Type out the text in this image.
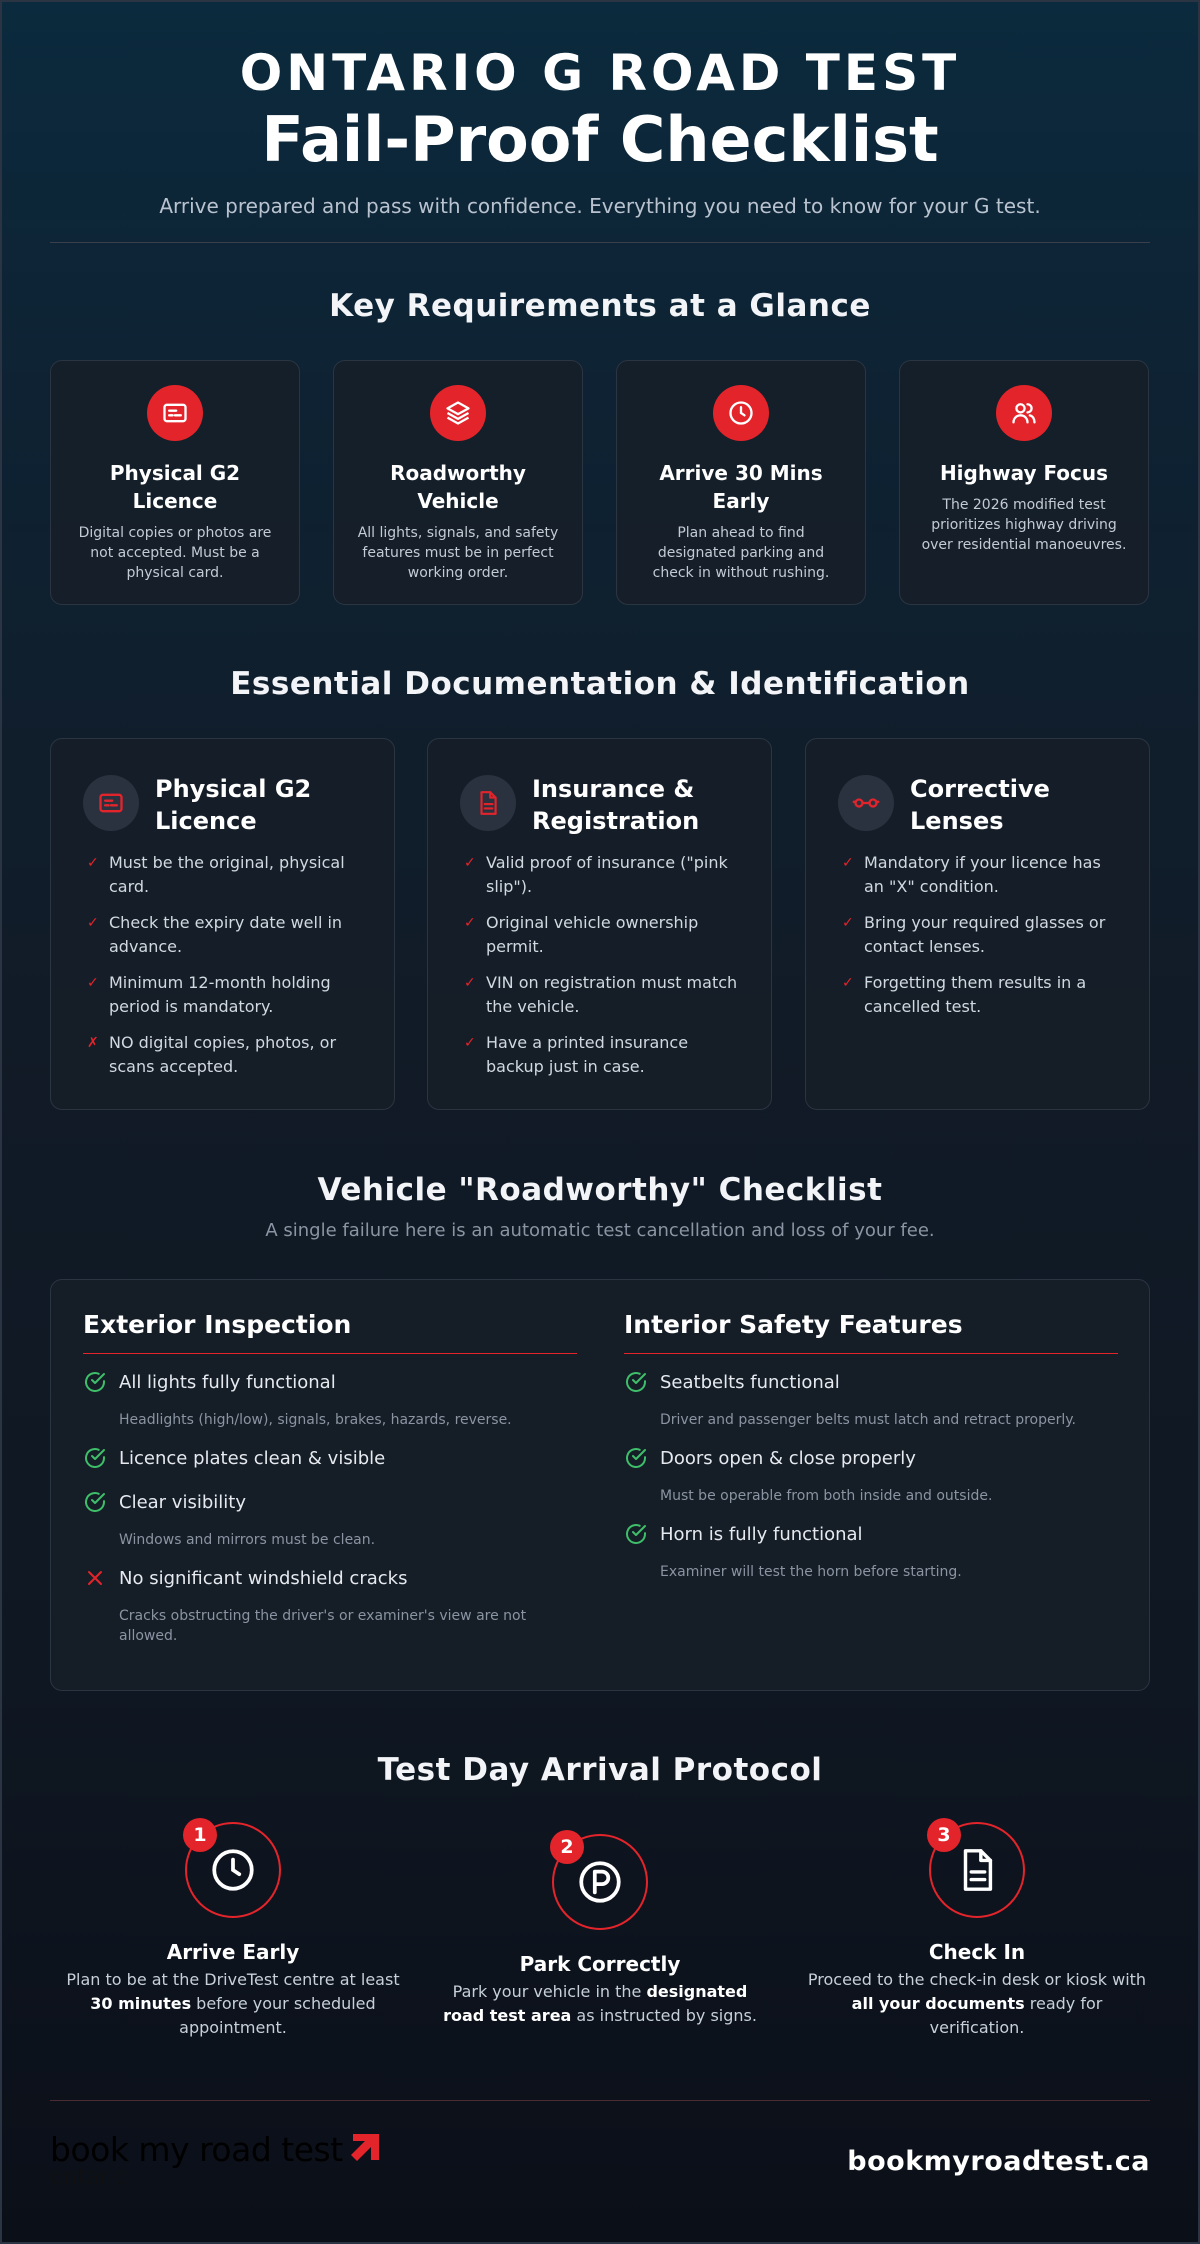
ONTARIO G ROAD TEST
Fail-Proof Checklist
Arrive prepared and pass with confidence. Everything you need to know for your G test.
Key Requirements at a Glance
Physical G2 Licence
Digital copies or photos are not accepted. Must be a physical card.
Roadworthy Vehicle
All lights, signals, and safety features must be in perfect working order.
Arrive 30 Mins Early
Plan ahead to find designated parking and check in without rushing.
Highway Focus
The 2026 modified test prioritizes highway driving over residential manoeuvres.
Essential Documentation & Identification
Physical G2 Licence
✓ Must be the original, physical card.
✓ Check the expiry date well in advance.
✓ Minimum 12-month holding period is mandatory.
✗ NO digital copies, photos, or scans accepted.
Insurance & Registration
✓ Valid proof of insurance ("pink slip").
✓ Original vehicle ownership permit.
✓ VIN on registration must match the vehicle.
✓ Have a printed insurance backup just in case.
Corrective Lenses
✓ Mandatory if your licence has an "X" condition.
✓ Bring your required glasses or contact lenses.
✓ Forgetting them results in a cancelled test.
Vehicle "Roadworthy" Checklist
A single failure here is an automatic test cancellation and loss of your fee.
Exterior Inspection
All lights fully functional
Headlights (high/low), signals, brakes, hazards, reverse.
Licence plates clean & visible
Clear visibility
Windows and mirrors must be clean.
No significant windshield cracks
Cracks obstructing the driver's or examiner's view are not allowed.
Interior Safety Features
Seatbelts functional
Driver and passenger belts must latch and retract properly.
Doors open & close properly
Must be operable from both inside and outside.
Horn is fully functional
Examiner will test the horn before starting.
Test Day Arrival Protocol
1
Arrive Early
Plan to be at the DriveTest centre at least 30 minutes before your scheduled appointment.
2
Park Correctly
Park your vehicle in the designated road test area as instructed by signs.
3
Check In
Proceed to the check-in desk or kiosk with all your documents ready for verification.
book my road test
ontario
bookmyroadtest.ca
